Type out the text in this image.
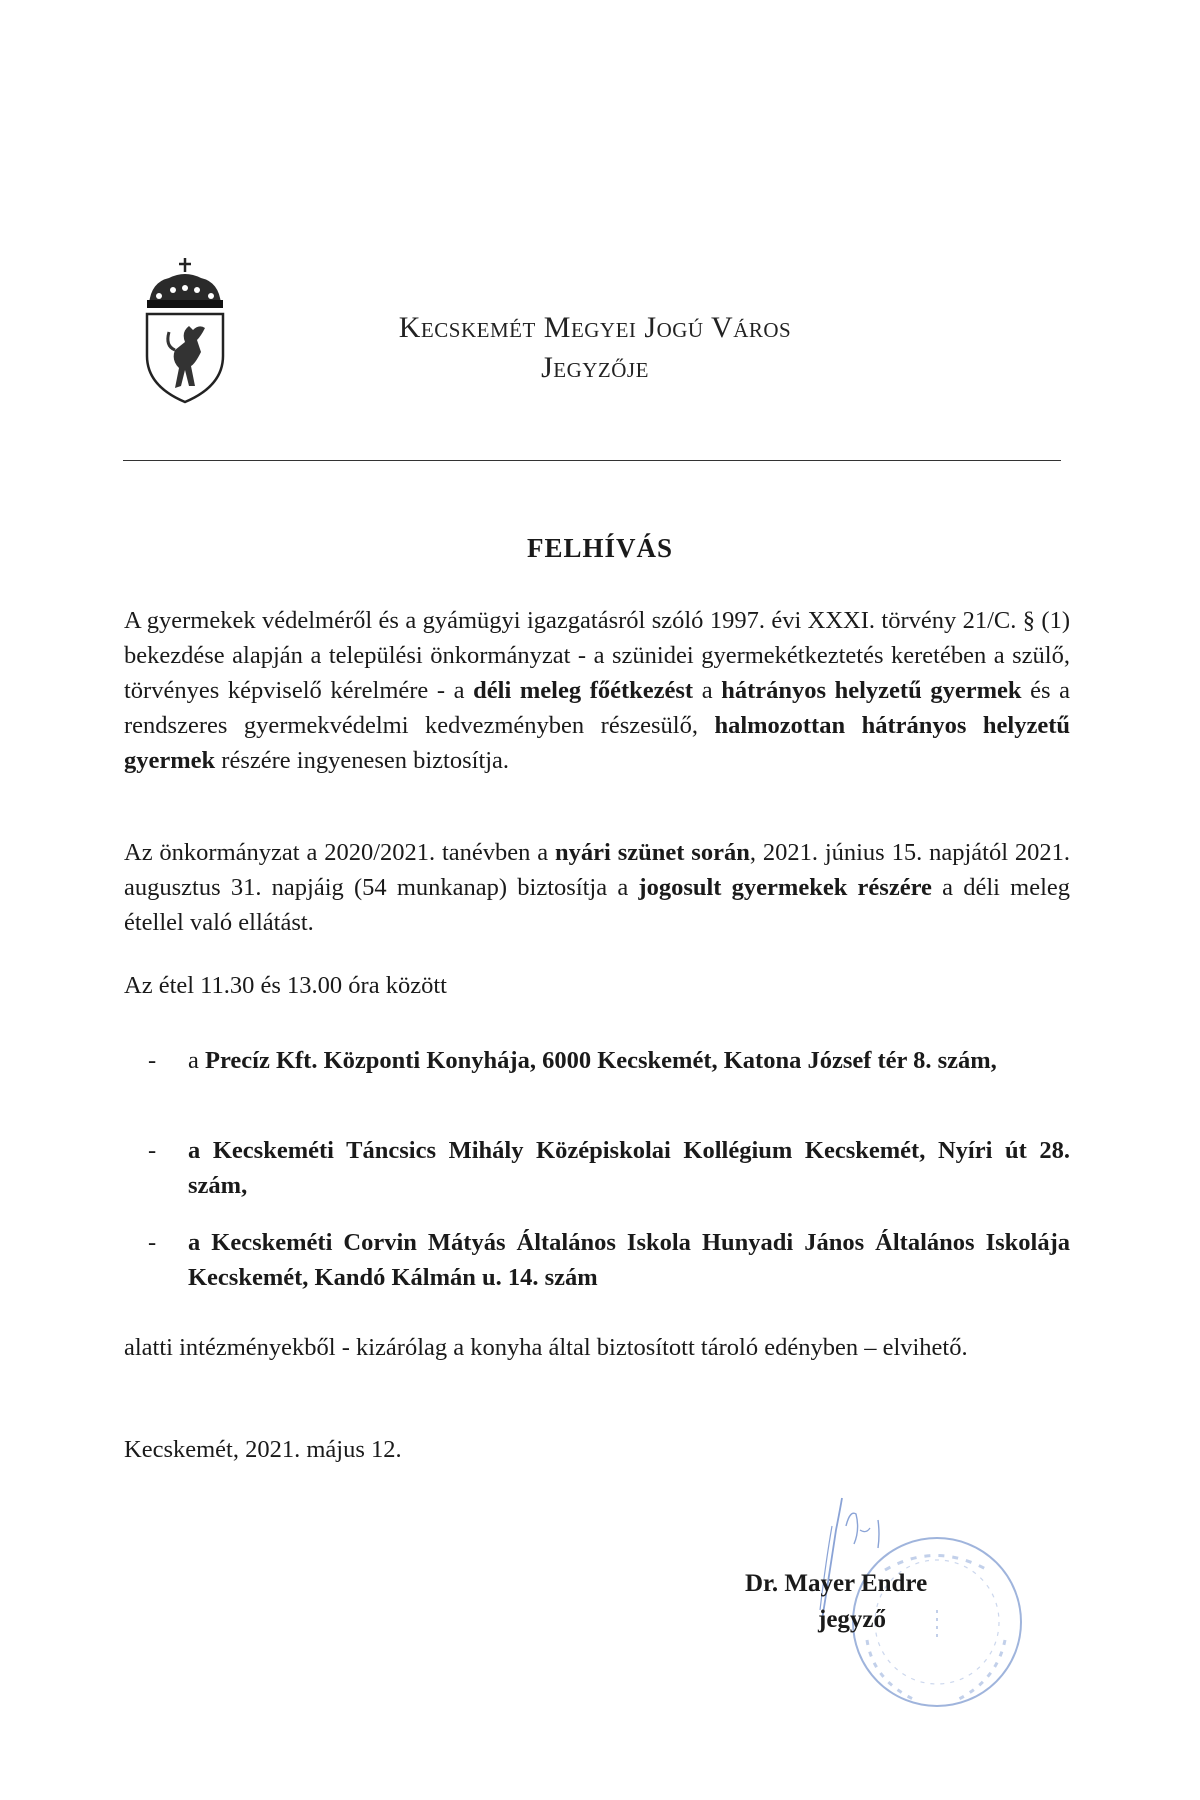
Kecskemét Megyei Jogú Város
Jegyzője
FELHÍVÁS
A gyermekek védelméről és a gyámügyi igazgatásról szóló 1997. évi XXXI. törvény 21/C. § (1) bekezdése alapján a települési önkormányzat - a szünidei gyermekétkeztetés keretében a szülő, törvényes képviselő kérelmére - a déli meleg főétkezést a hátrányos helyzetű gyermek és a rendszeres gyermekvédelmi kedvezményben részesülő, halmozottan hátrányos helyzetű gyermek részére ingyenesen biztosítja.
Az önkormányzat a 2020/2021. tanévben a nyári szünet során, 2021. június 15. napjától 2021. augusztus 31. napjáig (54 munkanap) biztosítja a jogosult gyermekek részére a déli meleg étellel való ellátást.
Az étel 11.30 és 13.00 óra között
- a Precíz Kft. Központi Konyhája, 6000 Kecskemét, Katona József tér 8. szám,
- a Kecskeméti Táncsics Mihály Középiskolai Kollégium Kecskemét, Nyíri út 28. szám,
- a Kecskeméti Corvin Mátyás Általános Iskola Hunyadi János Általános Iskolája Kecskemét, Kandó Kálmán u. 14. szám
alatti intézményekből - kizárólag a konyha által biztosított tároló edényben – elvihető.
Kecskemét, 2021. május 12.
Dr. Mayer Endre
jegyző
